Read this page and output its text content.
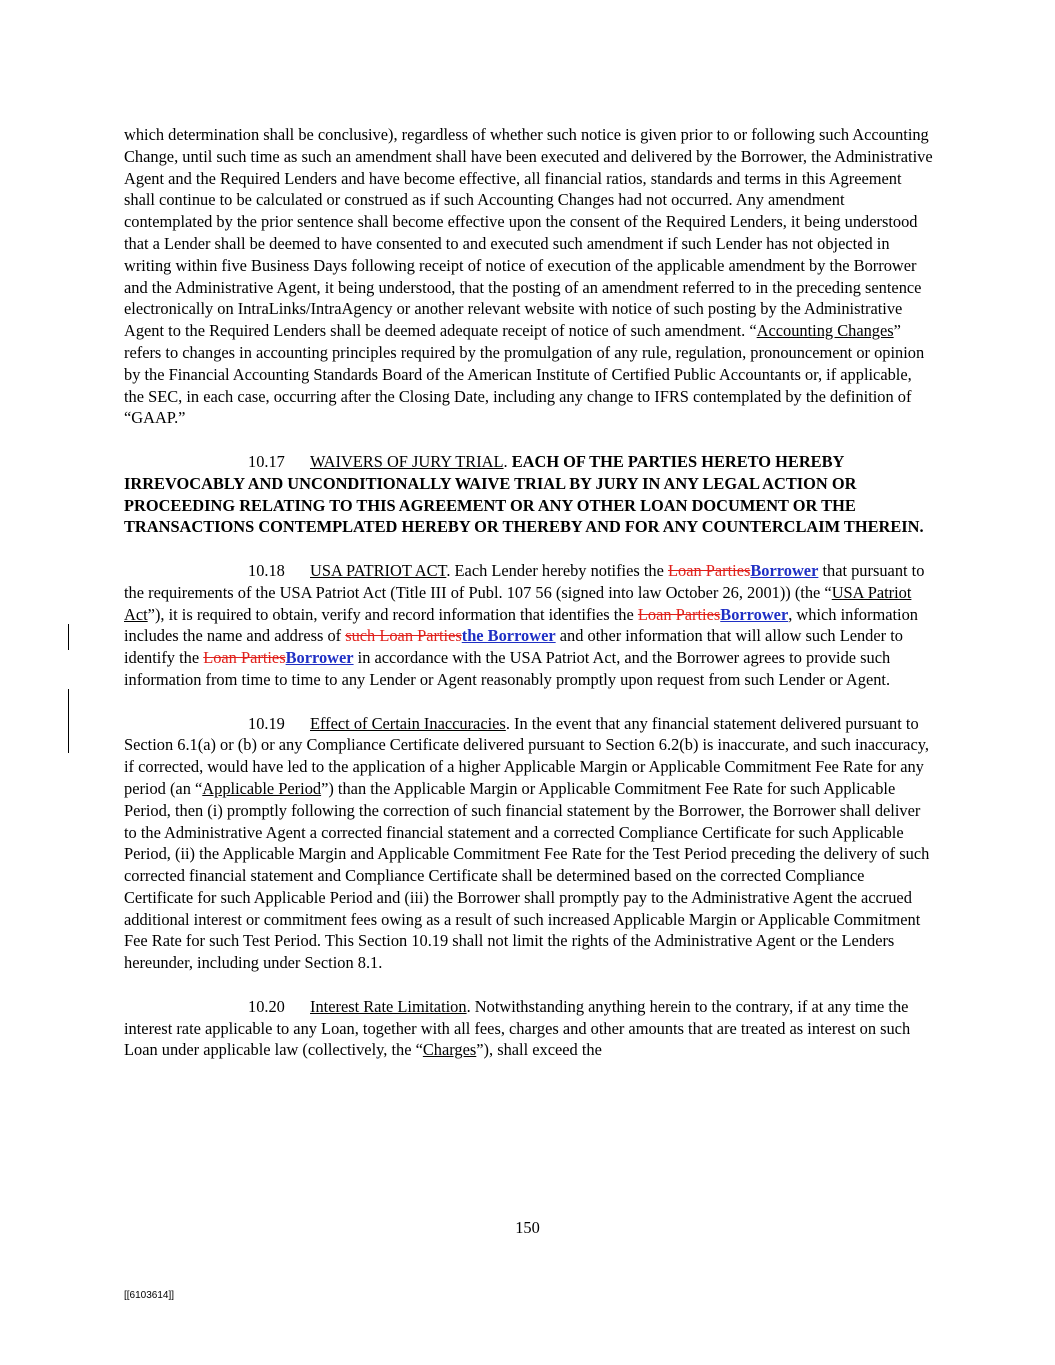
which determination shall be conclusive), regardless of whether such notice is given prior to or following such Accounting Change, until such time as such an amendment shall have been executed and delivered by the Borrower, the Administrative Agent and the Required Lenders and have become effective, all financial ratios, standards and terms in this Agreement shall continue to be calculated or construed as if such Accounting Changes had not occurred. Any amendment contemplated by the prior sentence shall become effective upon the consent of the Required Lenders, it being understood that a Lender shall be deemed to have consented to and executed such amendment if such Lender has not objected in writing within five Business Days following receipt of notice of execution of the applicable amendment by the Borrower and the Administrative Agent, it being understood, that the posting of an amendment referred to in the preceding sentence electronically on IntraLinks/IntraAgency or another relevant website with notice of such posting by the Administrative Agent to the Required Lenders shall be deemed adequate receipt of notice of such amendment. “Accounting Changes” refers to changes in accounting principles required by the promulgation of any rule, regulation, pronouncement or opinion by the Financial Accounting Standards Board of the American Institute of Certified Public Accountants or, if applicable, the SEC, in each case, occurring after the Closing Date, including any change to IFRS contemplated by the definition of “GAAP.”

10.17 WAIVERS OF JURY TRIAL. EACH OF THE PARTIES HERETO HEREBY IRREVOCABLY AND UNCONDITIONALLY WAIVE TRIAL BY JURY IN ANY LEGAL ACTION OR PROCEEDING RELATING TO THIS AGREEMENT OR ANY OTHER LOAN DOCUMENT OR THE TRANSACTIONS CONTEMPLATED HEREBY OR THEREBY AND FOR ANY COUNTERCLAIM THEREIN.

10.18 USA PATRIOT ACT. Each Lender hereby notifies the Loan PartiesBorrower that pursuant to the requirements of the USA Patriot Act (Title III of Publ. 107 56 (signed into law October 26, 2001)) (the “USA Patriot Act”), it is required to obtain, verify and record information that identifies the Loan PartiesBorrower, which information includes the name and address of such Loan Partiesthe Borrower and other information that will allow such Lender to identify the Loan PartiesBorrower in accordance with the USA Patriot Act, and the Borrower agrees to provide such information from time to time to any Lender or Agent reasonably promptly upon request from such Lender or Agent.

10.19 Effect of Certain Inaccuracies. In the event that any financial statement delivered pursuant to Section 6.1(a) or (b) or any Compliance Certificate delivered pursuant to Section 6.2(b) is inaccurate, and such inaccuracy, if corrected, would have led to the application of a higher Applicable Margin or Applicable Commitment Fee Rate for any period (an “Applicable Period”) than the Applicable Margin or Applicable Commitment Fee Rate for such Applicable Period, then (i) promptly following the correction of such financial statement by the Borrower, the Borrower shall deliver to the Administrative Agent a corrected financial statement and a corrected Compliance Certificate for such Applicable Period, (ii) the Applicable Margin and Applicable Commitment Fee Rate for the Test Period preceding the delivery of such corrected financial statement and Compliance Certificate shall be determined based on the corrected Compliance Certificate for such Applicable Period and (iii) the Borrower shall promptly pay to the Administrative Agent the accrued additional interest or commitment fees owing as a result of such increased Applicable Margin or Applicable Commitment Fee Rate for such Test Period. This Section 10.19 shall not limit the rights of the Administrative Agent or the Lenders hereunder, including under Section 8.1.

10.20 Interest Rate Limitation. Notwithstanding anything herein to the contrary, if at any time the interest rate applicable to any Loan, together with all fees, charges and other amounts that are treated as interest on such Loan under applicable law (collectively, the “Charges”), shall exceed the

150
[[6103614]]
